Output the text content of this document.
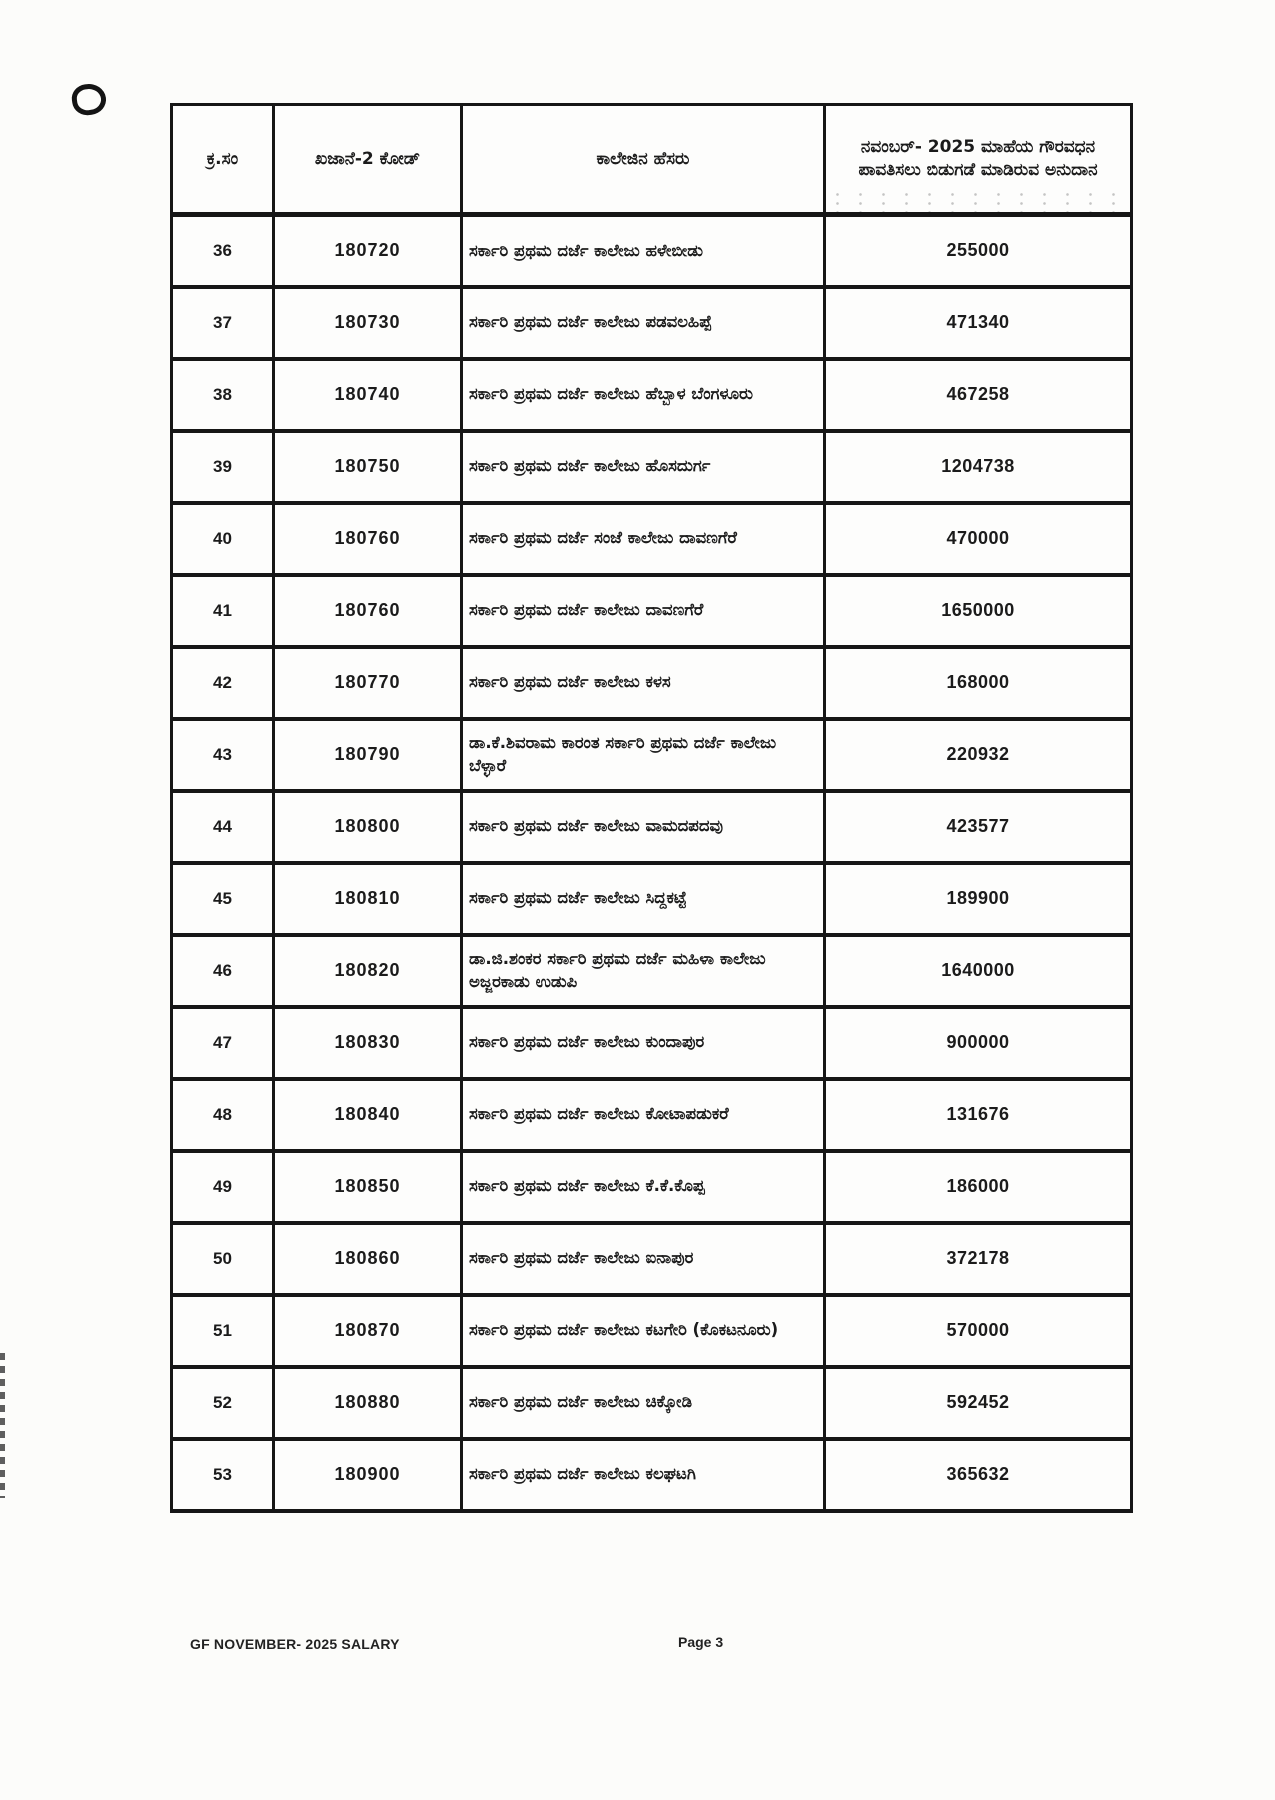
ಕ್ರ.ಸಂ	ಖಜಾನೆ-2 ಕೋಡ್	ಕಾಲೇಜಿನ ಹೆಸರು	ನವಂಬರ್- 2025 ಮಾಹೆಯ ಗೌರವಧನ ಪಾವತಿಸಲು ಬಿಡುಗಡೆ ಮಾಡಿರುವ ಅನುದಾನ

36	180720	ಸರ್ಕಾರಿ ಪ್ರಥಮ ದರ್ಜೆ ಕಾಲೇಜು ಹಳೇಬೀಡು	255000
37	180730	ಸರ್ಕಾರಿ ಪ್ರಥಮ ದರ್ಜೆ ಕಾಲೇಜು ಪಡವಲಹಿಪ್ಪೆ	471340
38	180740	ಸರ್ಕಾರಿ ಪ್ರಥಮ ದರ್ಜೆ ಕಾಲೇಜು ಹೆಬ್ಬಾಳ ಬೆಂಗಳೂರು	467258
39	180750	ಸರ್ಕಾರಿ ಪ್ರಥಮ ದರ್ಜೆ ಕಾಲೇಜು ಹೊಸದುರ್ಗ	1204738
40	180760	ಸರ್ಕಾರಿ ಪ್ರಥಮ ದರ್ಜೆ ಸಂಜೆ ಕಾಲೇಜು ದಾವಣಗೆರೆ	470000
41	180760	ಸರ್ಕಾರಿ ಪ್ರಥಮ ದರ್ಜೆ ಕಾಲೇಜು ದಾವಣಗೆರೆ	1650000
42	180770	ಸರ್ಕಾರಿ ಪ್ರಥಮ ದರ್ಜೆ ಕಾಲೇಜು ಕಳಸ	168000
43	180790	ಡಾ.ಕೆ.ಶಿವರಾಮ ಕಾರಂತ ಸರ್ಕಾರಿ ಪ್ರಥಮ ದರ್ಜೆ ಕಾಲೇಜು ಬೆಳ್ಳಾರೆ	220932
44	180800	ಸರ್ಕಾರಿ ಪ್ರಥಮ ದರ್ಜೆ ಕಾಲೇಜು ವಾಮದಪದವು	423577
45	180810	ಸರ್ಕಾರಿ ಪ್ರಥಮ ದರ್ಜೆ ಕಾಲೇಜು ಸಿದ್ದಕಟ್ಟೆ	189900
46	180820	ಡಾ.ಜಿ.ಶಂಕರ ಸರ್ಕಾರಿ ಪ್ರಥಮ ದರ್ಜೆ ಮಹಿಳಾ ಕಾಲೇಜು ಅಜ್ಜರಕಾಡು ಉಡುಪಿ	1640000
47	180830	ಸರ್ಕಾರಿ ಪ್ರಥಮ ದರ್ಜೆ ಕಾಲೇಜು ಕುಂದಾಪುರ	900000
48	180840	ಸರ್ಕಾರಿ ಪ್ರಥಮ ದರ್ಜೆ ಕಾಲೇಜು ಕೋಟಾಪಡುಕರೆ	131676
49	180850	ಸರ್ಕಾರಿ ಪ್ರಥಮ ದರ್ಜೆ ಕಾಲೇಜು ಕೆ.ಕೆ.ಕೊಪ್ಪ	186000
50	180860	ಸರ್ಕಾರಿ ಪ್ರಥಮ ದರ್ಜೆ ಕಾಲೇಜು ಐನಾಪುರ	372178
51	180870	ಸರ್ಕಾರಿ ಪ್ರಥಮ ದರ್ಜೆ ಕಾಲೇಜು ಕಟಗೇರಿ (ಕೊಕಟನೂರು)	570000
52	180880	ಸರ್ಕಾರಿ ಪ್ರಥಮ ದರ್ಜೆ ಕಾಲೇಜು ಚಿಕ್ಕೋಡಿ	592452
53	180900	ಸರ್ಕಾರಿ ಪ್ರಥಮ ದರ್ಜೆ ಕಾಲೇಜು ಕಲಘಟಗಿ	365632
GF NOVEMBER- 2025 SALARY	Page 3
